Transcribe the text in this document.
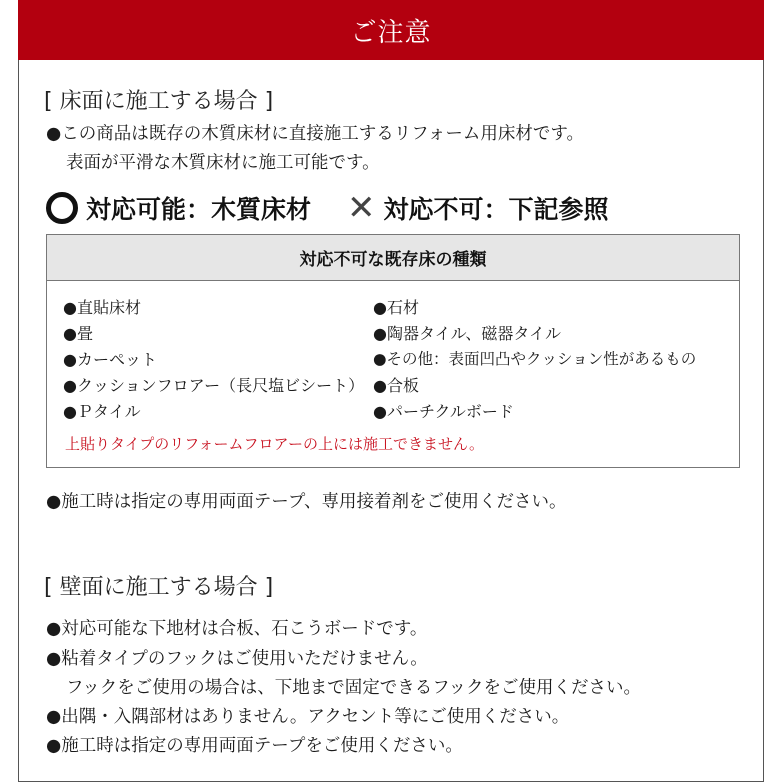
ご注意
[ 床面に施工する場合 ]
●この商品は既存の木質床材に直接施工するリフォーム用床材です。
表面が平滑な木質床材に施工可能です。
対応可能：木質床材 ✕ 対応不可：下記参照
対応不可な既存床の種類
●直貼床材
●畳
●カーペット
●クッションフロアー（長尺塩ビシート）
●Ｐタイル
●石材
●陶器タイル、磁器タイル
●その他：表面凹凸やクッション性があるもの
●合板
●パーチクルボード
上貼りタイプのリフォームフロアーの上には施工できません。
●施工時は指定の専用両面テープ、専用接着剤をご使用ください。
[ 壁面に施工する場合 ]
●対応可能な下地材は合板、石こうボードです。
●粘着タイプのフックはご使用いただけません。
フックをご使用の場合は、下地まで固定できるフックをご使用ください。
●出隅・入隅部材はありません。アクセント等にご使用ください。
●施工時は指定の専用両面テープをご使用ください。
